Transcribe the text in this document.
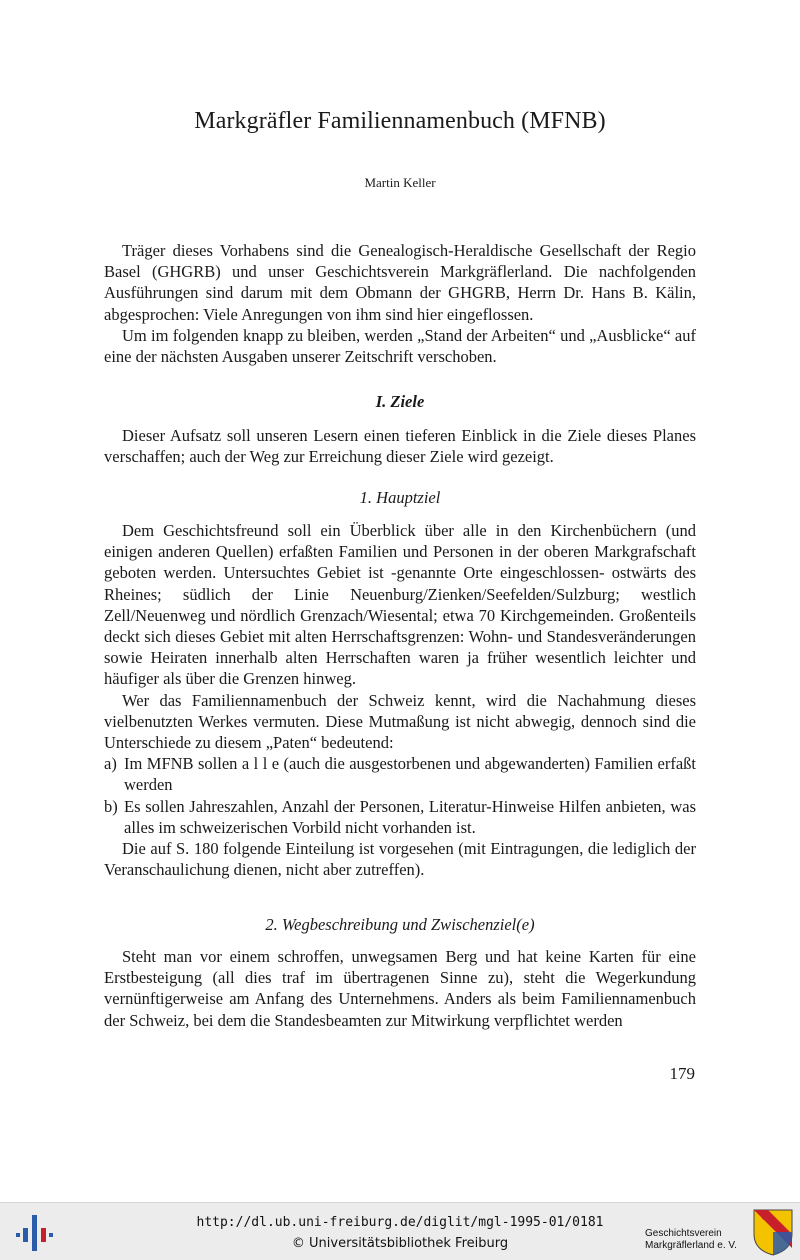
Markgräfler Familiennamenbuch (MFNB)
Martin Keller

Träger dieses Vorhabens sind die Genealogisch-Heraldische Gesellschaft der Regio Basel (GHGRB) und unser Geschichtsverein Markgräflerland. Die nachfolgenden Ausführungen sind darum mit dem Obmann der GHGRB, Herrn Dr. Hans B. Kälin, abgesprochen: Viele Anregungen von ihm sind hier eingeflossen.

Um im folgenden knapp zu bleiben, werden „Stand der Arbeiten“ und „Ausblicke“ auf eine der nächsten Ausgaben unserer Zeitschrift verschoben.

I. Ziele

Dieser Aufsatz soll unseren Lesern einen tieferen Einblick in die Ziele dieses Planes verschaffen; auch der Weg zur Erreichung dieser Ziele wird gezeigt.

1. Hauptziel

Dem Geschichtsfreund soll ein Überblick über alle in den Kirchenbüchern (und einigen anderen Quellen) erfaßten Familien und Personen in der oberen Markgrafschaft geboten werden. Untersuchtes Gebiet ist -genannte Orte eingeschlossen- ostwärts des Rheines; südlich der Linie Neuenburg/Zienken/Seefelden/Sulzburg; westlich Zell/Neuenweg und nördlich Grenzach/Wiesental; etwa 70 Kirchgemeinden. Großenteils deckt sich dieses Gebiet mit alten Herrschaftsgrenzen: Wohn- und Standesveränderungen sowie Heiraten innerhalb alten Herrschaften waren ja früher wesentlich leichter und häufiger als über die Grenzen hinweg.

Wer das Familiennamenbuch der Schweiz kennt, wird die Nachahmung dieses vielbenutzten Werkes vermuten. Diese Mutmaßung ist nicht abwegig, dennoch sind die Unterschiede zu diesem „Paten“ bedeutend:

a) Im MFNB sollen a l l e (auch die ausgestorbenen und abgewanderten) Familien erfaßt werden
b) Es sollen Jahreszahlen, Anzahl der Personen, Literatur-Hinweise Hilfen anbieten, was alles im schweizerischen Vorbild nicht vorhanden ist.

Die auf S. 180 folgende Einteilung ist vorgesehen (mit Eintragungen, die lediglich der Veranschaulichung dienen, nicht aber zutreffen).

2. Wegbeschreibung und Zwischenziel(e)

Steht man vor einem schroffen, unwegsamen Berg und hat keine Karten für eine Erstbesteigung (all dies traf im übertragenen Sinne zu), steht die Wegerkundung vernünftigerweise am Anfang des Unternehmens. Anders als beim Familiennamenbuch der Schweiz, bei dem die Standesbeamten zur Mitwirkung verpflichtet werden

179
http://dl.ub.uni-freiburg.de/diglit/mgl-1995-01/0181
© Universitätsbibliothek Freiburg
Geschichtsverein
Markgräflerland e. V.
